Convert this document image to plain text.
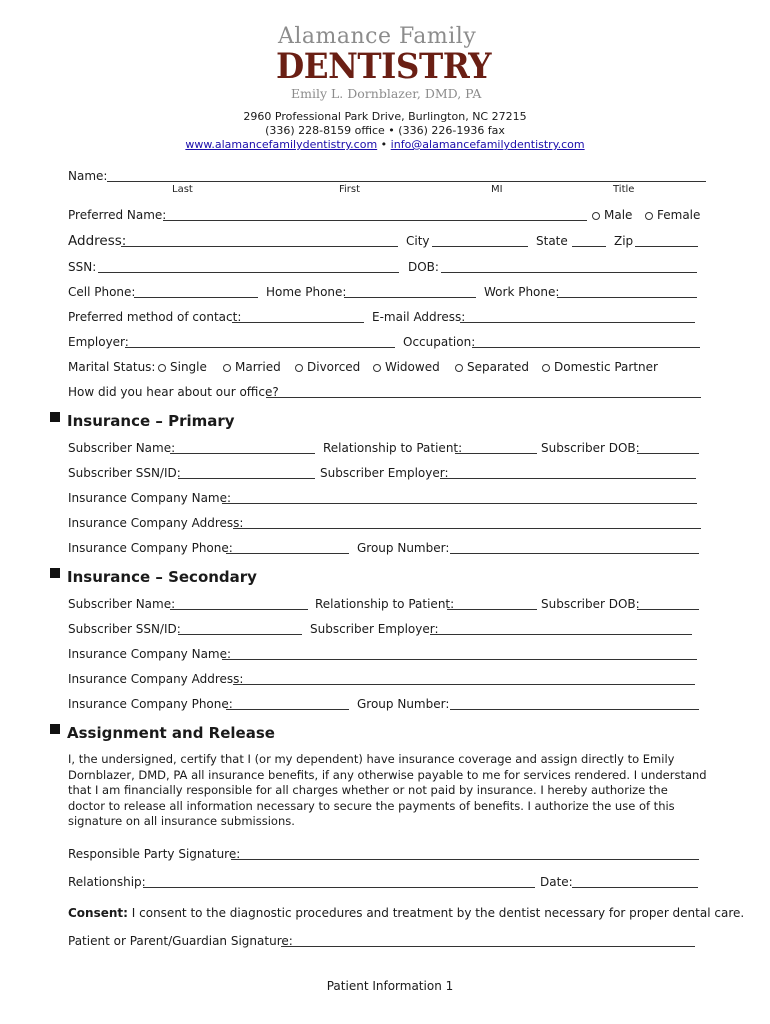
Alamance Family
DENTISTRY
Emily L. Dornblazer, DMD, PA
2960 Professional Park Drive, Burlington, NC 27215
(336) 228-8159 office • (336) 226-1936 fax
www.alamancefamilydentistry.com • info@alamancefamilydentistry.com
Name:
Last	First	MI	Title
Preferred Name:	Male	Female
Address:	City	State	Zip
SSN:	DOB:
Cell Phone:	Home Phone:	Work Phone:
Preferred method of contact:	E-mail Address:
Employer:	Occupation:
Marital Status:	Single	Married	Divorced	Widowed	Separated	Domestic Partner
How did you hear about our office?
Insurance – Primary
Subscriber Name:	Relationship to Patient:	Subscriber DOB:
Subscriber SSN/ID:	Subscriber Employer:
Insurance Company Name:
Insurance Company Address:
Insurance Company Phone:	Group Number:
Insurance – Secondary
Subscriber Name:	Relationship to Patient:	Subscriber DOB:
Subscriber SSN/ID:	Subscriber Employer:
Insurance Company Name:
Insurance Company Address:
Insurance Company Phone:	Group Number:
Assignment and Release
I, the undersigned, certify that I (or my dependent) have insurance coverage and assign directly to Emily Dornblazer, DMD, PA all insurance benefits, if any otherwise payable to me for services rendered. I understand that I am financially responsible for all charges whether or not paid by insurance. I hereby authorize the doctor to release all information necessary to secure the payments of benefits. I authorize the use of this signature on all insurance submissions.
Responsible Party Signature:
Relationship:	Date:
Consent: I consent to the diagnostic procedures and treatment by the dentist necessary for proper dental care.
Patient or Parent/Guardian Signature:
Patient Information 1
